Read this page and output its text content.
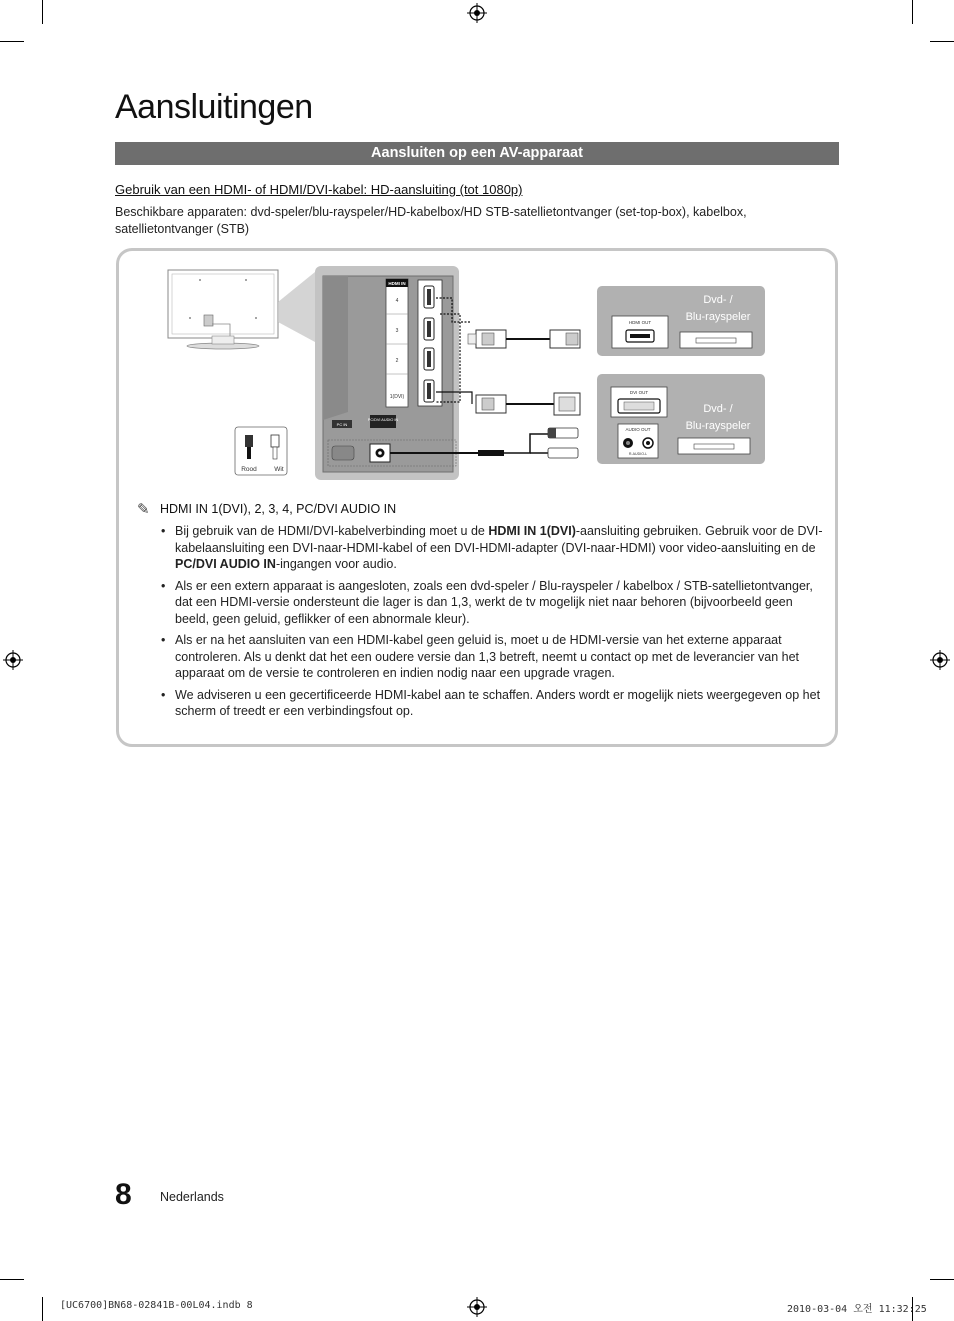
Aansluitingen
Aansluiten op een AV-apparaat
Gebruik van een HDMI- of HDMI/DVI-kabel: HD-aansluiting (tot 1080p)

Beschikbare apparaten: dvd-speler/blu-rayspeler/HD-kabelbox/HD STB-satellietontvanger (set-top-box), kabelbox, satellietontvanger (STB)

HDMI IN
4
3
2
1(DVI)
PC IN
PC/DVI AUDIO IN
Rood	Wit
Dvd- /
Blu-rayspeler
HDMI OUT
Dvd- /
Blu-rayspeler
DVI OUT
AUDIO OUT
R-AUDIO-L
✎ HDMI IN 1(DVI), 2, 3, 4, PC/DVI AUDIO IN
• Bij gebruik van de HDMI/DVI-kabelverbinding moet u de HDMI IN 1(DVI)-aansluiting gebruiken. Gebruik voor de DVI-kabelaansluiting een DVI-naar-HDMI-kabel of een DVI-HDMI-adapter (DVI-naar-HDMI) voor video-aansluiting en de PC/DVI AUDIO IN-ingangen voor audio.
• Als er een extern apparaat is aangesloten, zoals een dvd-speler / Blu-rayspeler / kabelbox / STB-satellietontvanger, dat een HDMI-versie ondersteunt die lager is dan 1,3, werkt de tv mogelijk niet naar behoren (bijvoorbeeld geen beeld, geen geluid, geflikker of een abnormale kleur).
• Als er na het aansluiten van een HDMI-kabel geen geluid is, moet u de HDMI-versie van het externe apparaat controleren. Als u denkt dat het een oudere versie dan 1,3 betreft, neemt u contact op met de leverancier van het apparaat om de versie te controleren en indien nodig naar een upgrade vragen.
• We adviseren u een gecertificeerde HDMI-kabel aan te schaffen. Anders wordt er mogelijk niets weergegeven op het scherm of treedt er een verbindingsfout op.
8 Nederlands
[UC6700]BN68-02841B-00L04.indb 8	2010-03-04 오전 11:32:25
